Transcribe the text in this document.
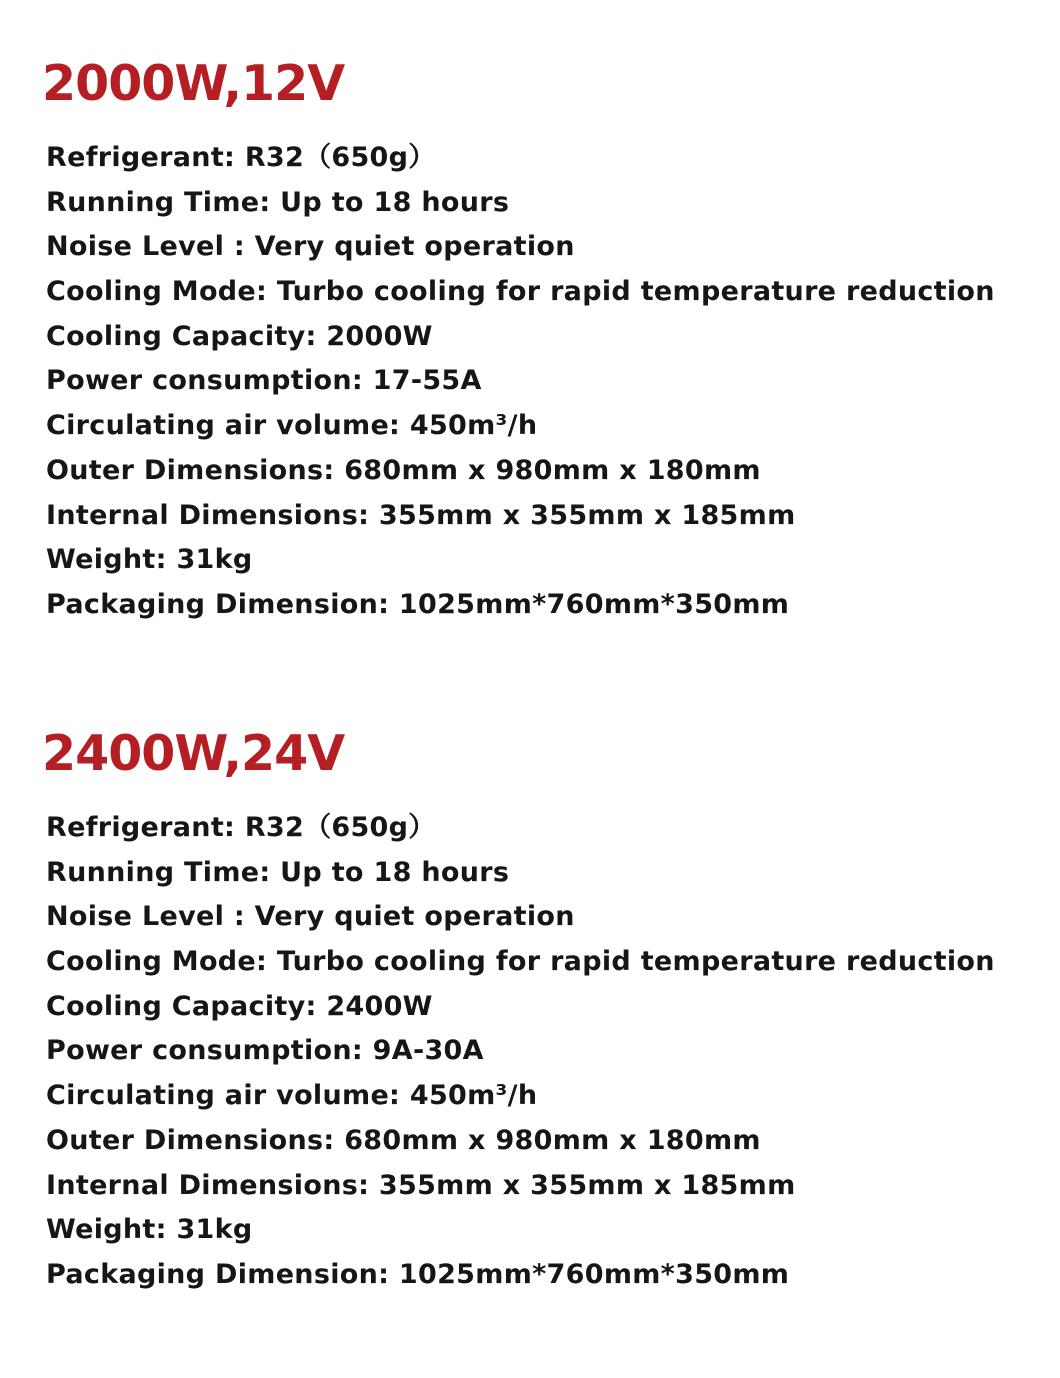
2000W,12V
Refrigerant: R32（650g）
Running Time: Up to 18 hours
Noise Level : Very quiet operation
Cooling Mode: Turbo cooling for rapid temperature reduction
Cooling Capacity: 2000W
Power consumption: 17-55A
Circulating air volume: 450m³/h
Outer Dimensions: 680mm x 980mm x 180mm
Internal Dimensions: 355mm x 355mm x 185mm
Weight: 31kg
Packaging Dimension: 1025mm*760mm*350mm
2400W,24V
Refrigerant: R32（650g）
Running Time: Up to 18 hours
Noise Level : Very quiet operation
Cooling Mode: Turbo cooling for rapid temperature reduction
Cooling Capacity: 2400W
Power consumption: 9A-30A
Circulating air volume: 450m³/h
Outer Dimensions: 680mm x 980mm x 180mm
Internal Dimensions: 355mm x 355mm x 185mm
Weight: 31kg
Packaging Dimension: 1025mm*760mm*350mm
